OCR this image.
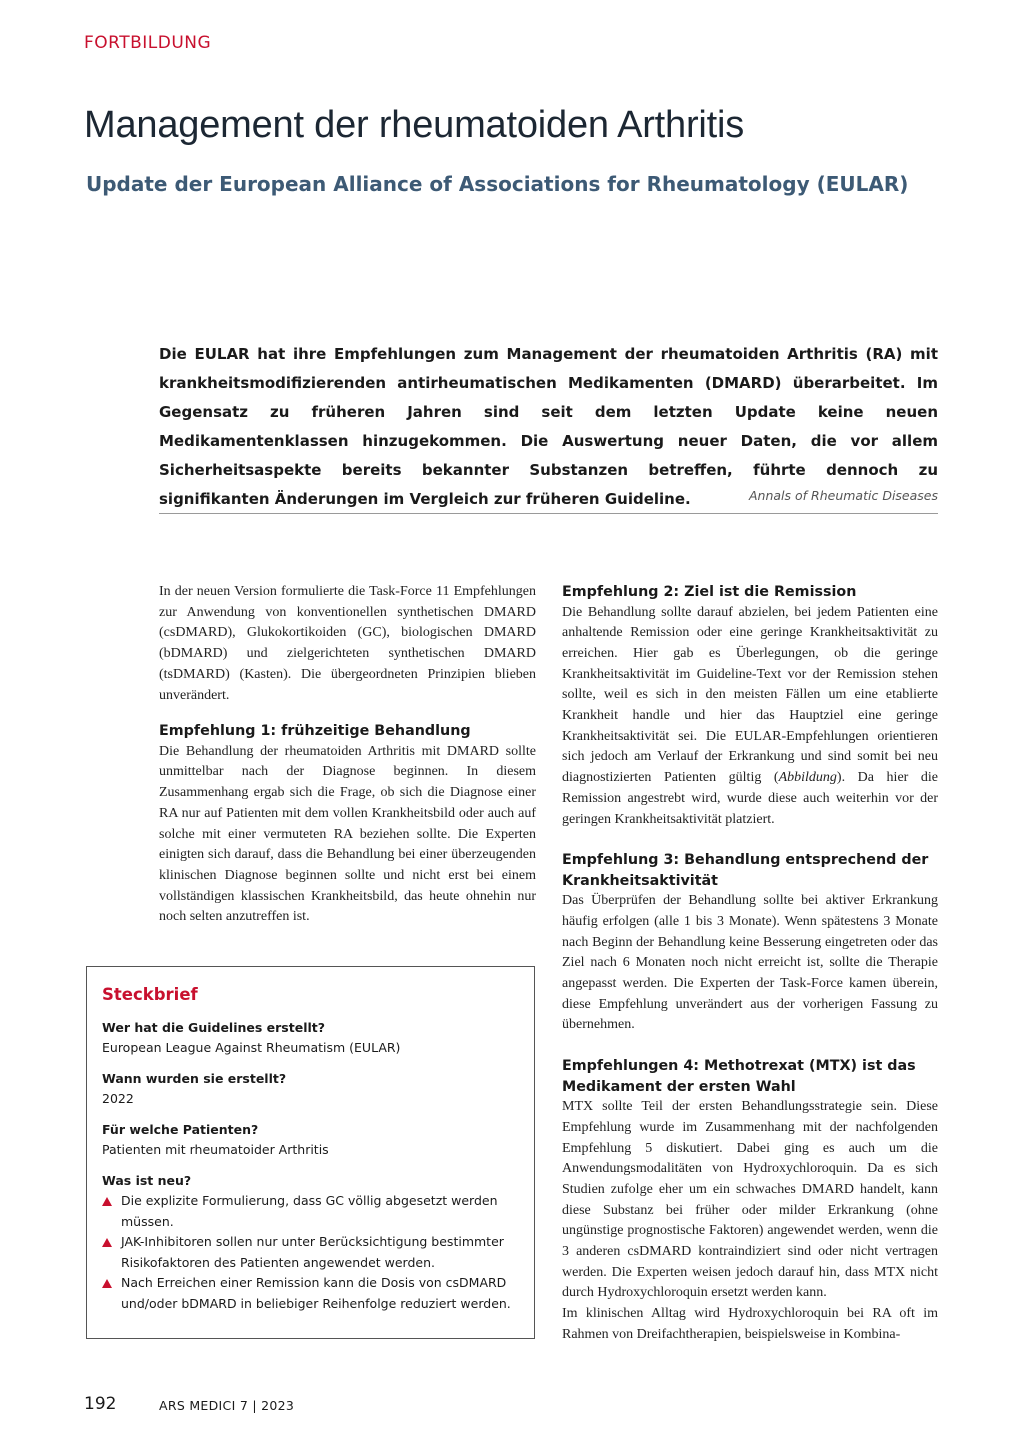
FORTBILDUNG
Management der rheumatoiden Arthritis
Update der European Alliance of Associations for Rheumatology (EULAR)
Die EULAR hat ihre Empfehlungen zum Management der rheumatoiden Arthritis (RA) mit krankheitsmodifizierenden antirheumatischen Medikamenten (DMARD) überarbeitet. Im Gegensatz zu früheren Jahren sind seit dem letzten Update keine neuen Medikamentenklassen hinzugekommen. Die Auswertung neuer Daten, die vor allem Sicherheitsaspekte bereits bekannter Substanzen betreffen, führte dennoch zu signifikanten Änderungen im Vergleich zur früheren Guideline.	Annals of Rheumatic Diseases

In der neuen Version formulierte die Task-Force 11 Empfehlungen zur Anwendung von konventionellen synthetischen DMARD (csDMARD), Glukokortikoiden (GC), biologischen DMARD (bDMARD) und zielgerichteten synthetischen DMARD (tsDMARD) (Kasten). Die übergeordneten Prinzipien blieben unverändert.

Empfehlung 1: frühzeitige Behandlung

Die Behandlung der rheumatoiden Arthritis mit DMARD sollte unmittelbar nach der Diagnose beginnen. In diesem Zusammenhang ergab sich die Frage, ob sich die Diagnose einer RA nur auf Patienten mit dem vollen Krankheitsbild oder auch auf solche mit einer vermuteten RA beziehen sollte. Die Experten einigten sich darauf, dass die Behandlung bei einer überzeugenden klinischen Diagnose beginnen sollte und nicht erst bei einem vollständigen klassischen Krankheitsbild, das heute ohnehin nur noch selten anzutreffen ist.

Steckbrief
Wer hat die Guidelines erstellt?
European League Against Rheumatism (EULAR)
Wann wurden sie erstellt?
2022
Für welche Patienten?
Patienten mit rheumatoider Arthritis
Was ist neu?
Die explizite Formulierung, dass GC völlig abgesetzt werden müssen.
JAK-Inhibitoren sollen nur unter Berücksichtigung bestimmter Risikofaktoren des Patienten angewendet werden.
Nach Erreichen einer Remission kann die Dosis von csDMARD und/oder bDMARD in beliebiger Reihenfolge reduziert werden.
Empfehlung 2: Ziel ist die Remission

Die Behandlung sollte darauf abzielen, bei jedem Patienten eine anhaltende Remission oder eine geringe Krankheitsaktivität zu erreichen. Hier gab es Überlegungen, ob die geringe Krankheitsaktivität im Guideline-Text vor der Remission stehen sollte, weil es sich in den meisten Fällen um eine etablierte Krankheit handle und hier das Hauptziel eine geringe Krankheitsaktivität sei. Die EULAR-Empfehlungen orientieren sich jedoch am Verlauf der Erkrankung und sind somit bei neu diagnostizierten Patienten gültig (Abbildung). Da hier die Remission angestrebt wird, wurde diese auch weiterhin vor der geringen Krankheitsaktivität platziert.

Empfehlung 3: Behandlung entsprechend der Krankheitsaktivität

Das Überprüfen der Behandlung sollte bei aktiver Erkrankung häufig erfolgen (alle 1 bis 3 Monate). Wenn spätestens 3 Monate nach Beginn der Behandlung keine Besserung eingetreten oder das Ziel nach 6 Monaten noch nicht erreicht ist, sollte die Therapie angepasst werden. Die Experten der Task-Force kamen überein, diese Empfehlung unverändert aus der vorherigen Fassung zu übernehmen.

Empfehlungen 4: Methotrexat (MTX) ist das Medikament der ersten Wahl

MTX sollte Teil der ersten Behandlungsstrategie sein. Diese Empfehlung wurde im Zusammenhang mit der nachfolgenden Empfehlung 5 diskutiert. Dabei ging es auch um die Anwendungsmodalitäten von Hydroxychloroquin. Da es sich Studien zufolge eher um ein schwaches DMARD handelt, kann diese Substanz bei früher oder milder Erkrankung (ohne ungünstige prognostische Faktoren) angewendet werden, wenn die 3 anderen csDMARD kontraindiziert sind oder nicht vertragen werden. Die Experten weisen jedoch darauf hin, dass MTX nicht durch Hydroxychloroquin ersetzt werden kann.

Im klinischen Alltag wird Hydroxychloroquin bei RA oft im Rahmen von Dreifachtherapien, beispielsweise in Kombina-

192	ARS MEDICI 7 | 2023
